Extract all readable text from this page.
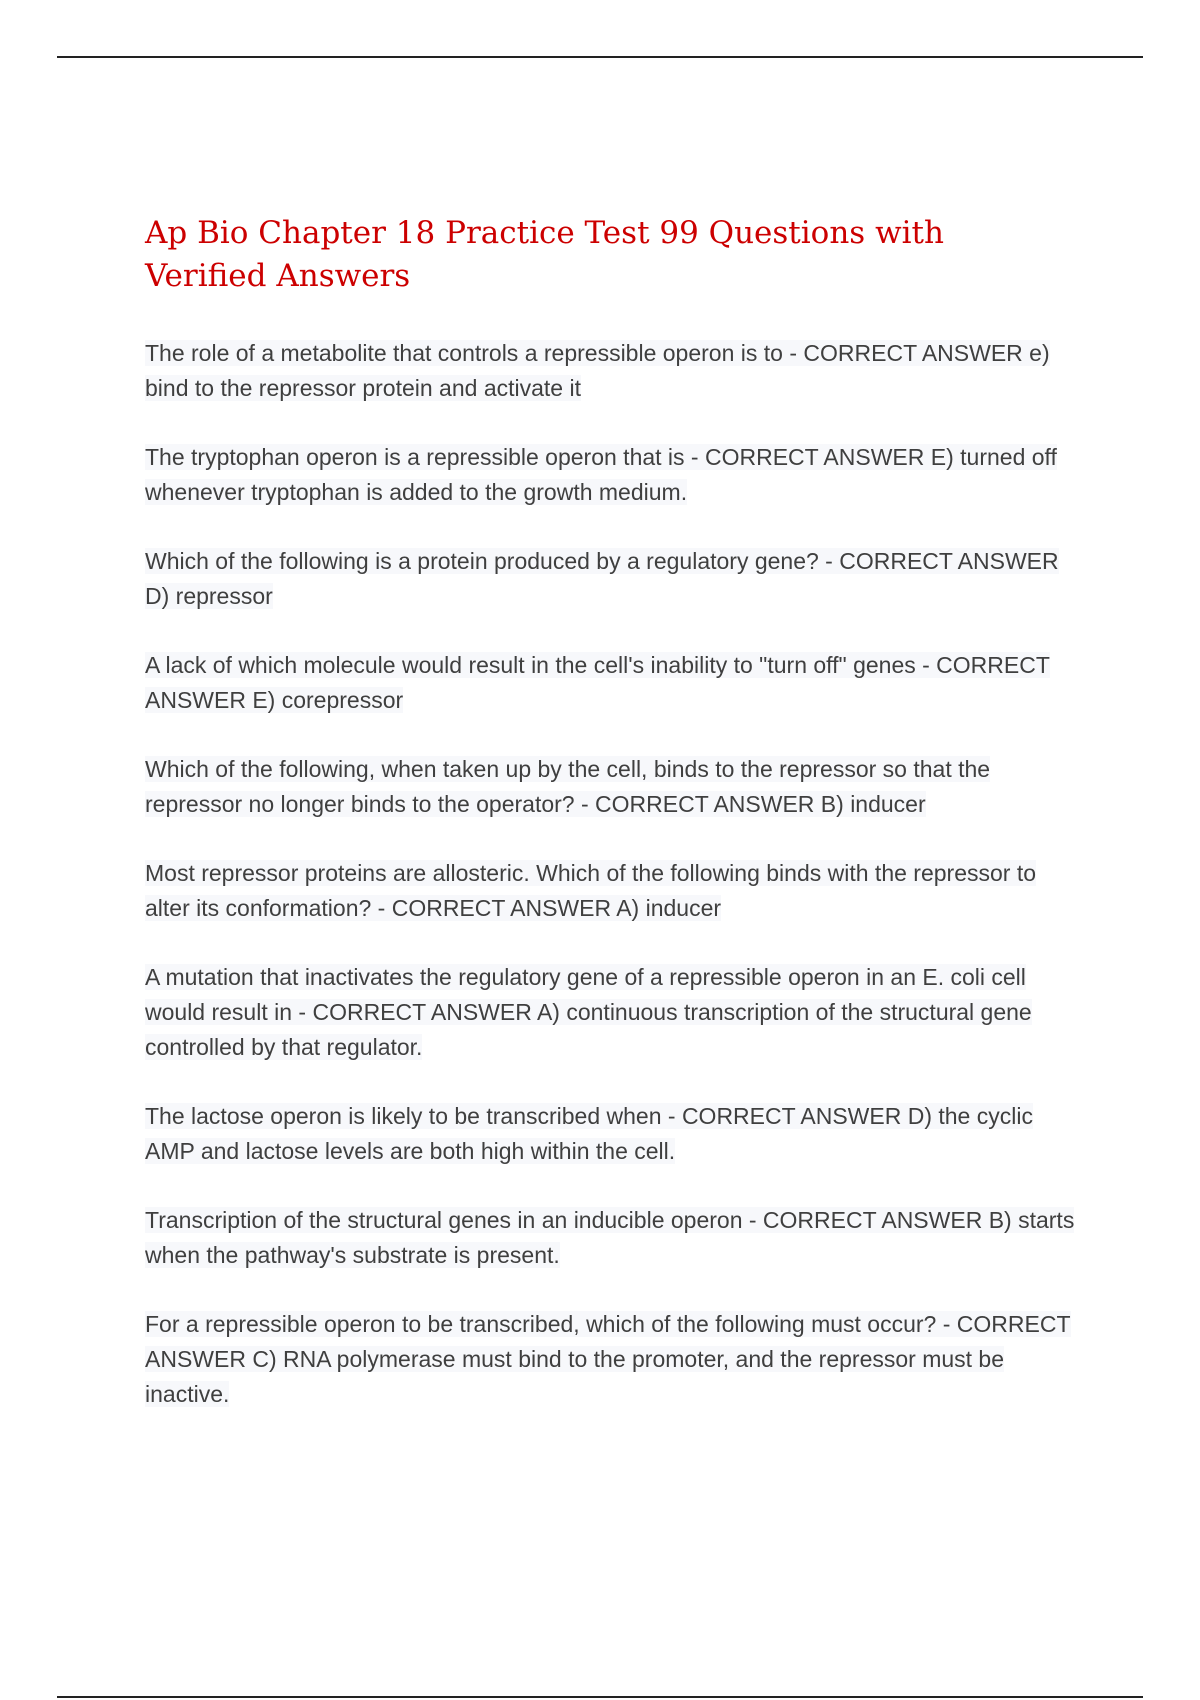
Ap Bio Chapter 18 Practice Test 99 Questions with Verified Answers
The role of a metabolite that controls a repressible operon is to - CORRECT ANSWER e) bind to the repressor protein and activate it
The tryptophan operon is a repressible operon that is - CORRECT ANSWER E) turned off whenever tryptophan is added to the growth medium.
Which of the following is a protein produced by a regulatory gene? - CORRECT ANSWER D) repressor
A lack of which molecule would result in the cell's inability to "turn off" genes - CORRECT ANSWER E) corepressor
Which of the following, when taken up by the cell, binds to the repressor so that the repressor no longer binds to the operator? - CORRECT ANSWER B) inducer
Most repressor proteins are allosteric. Which of the following binds with the repressor to alter its conformation? - CORRECT ANSWER A) inducer
A mutation that inactivates the regulatory gene of a repressible operon in an E. coli cell would result in - CORRECT ANSWER A) continuous transcription of the structural gene controlled by that regulator.
The lactose operon is likely to be transcribed when - CORRECT ANSWER D) the cyclic AMP and lactose levels are both high within the cell.
Transcription of the structural genes in an inducible operon - CORRECT ANSWER B) starts when the pathway's substrate is present.
For a repressible operon to be transcribed, which of the following must occur? - CORRECT ANSWER C) RNA polymerase must bind to the promoter, and the repressor must be inactive.
